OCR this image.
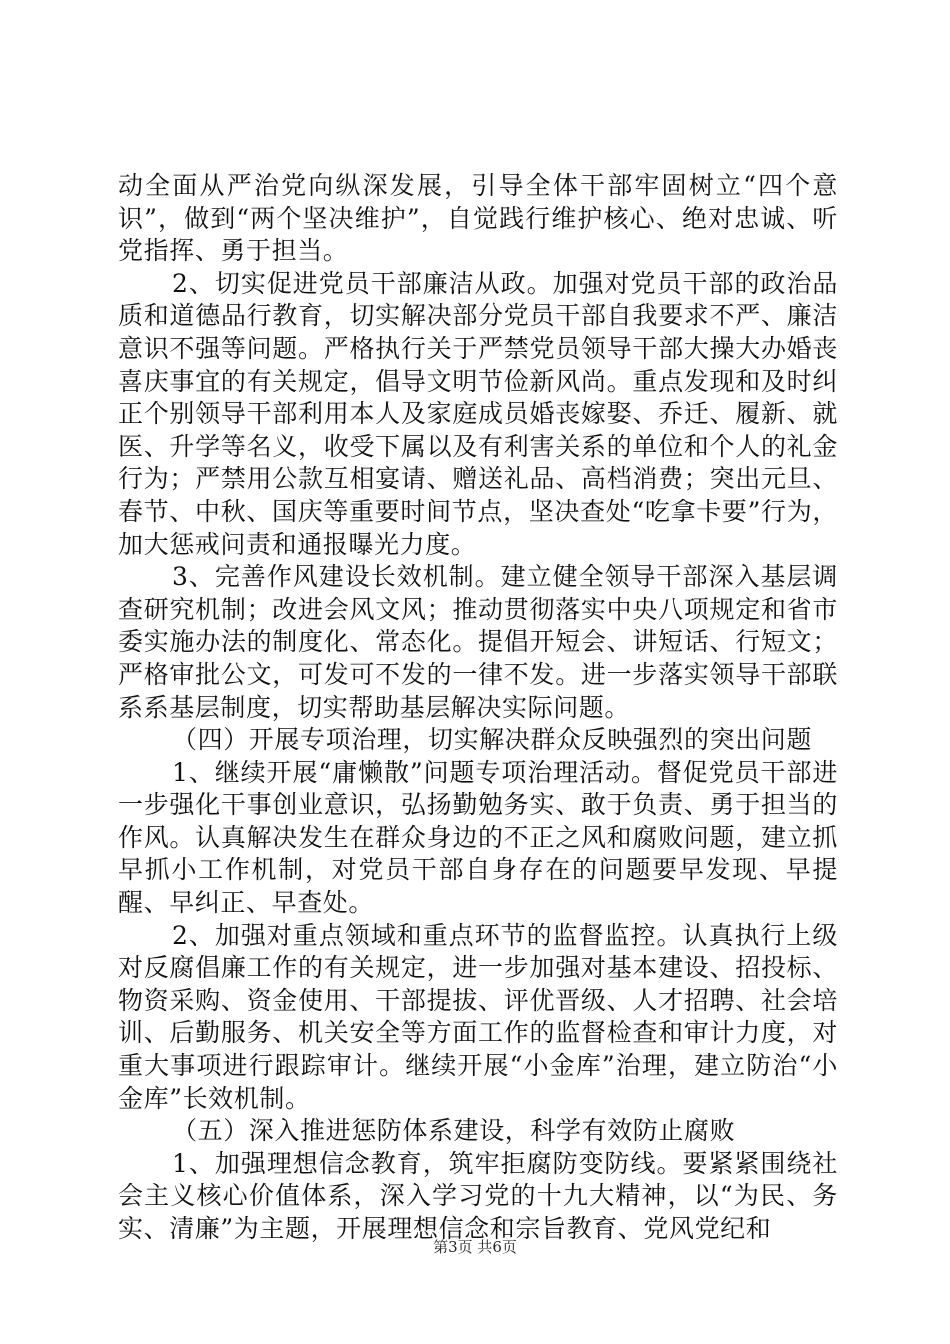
动全面从严治党向纵深发展，引导全体干部牢固树立“四个意识”，做到“两个坚决维护”，自觉践行维护核心、绝对忠诚、听党指挥、勇于担当。

2、切实促进党员干部廉洁从政。加强对党员干部的政治品质和道德品行教育，切实解决部分党员干部自我要求不严、廉洁意识不强等问题。严格执行关于严禁党员领导干部大操大办婚丧喜庆事宜的有关规定，倡导文明节俭新风尚。重点发现和及时纠正个别领导干部利用本人及家庭成员婚丧嫁娶、乔迁、履新、就医、升学等名义，收受下属以及有利害关系的单位和个人的礼金行为；严禁用公款互相宴请、赠送礼品、高档消费；突出元旦、春节、中秋、国庆等重要时间节点，坚决查处“吃拿卡要”行为，加大惩戒问责和通报曝光力度。

3、完善作风建设长效机制。建立健全领导干部深入基层调查研究机制；改进会风文风；推动贯彻落实中央八项规定和省市委实施办法的制度化、常态化。提倡开短会、讲短话、行短文；严格审批公文，可发可不发的一律不发。进一步落实领导干部联系系基层制度，切实帮助基层解决实际问题。

（四）开展专项治理，切实解决群众反映强烈的突出问题

1、继续开展“庸懒散”问题专项治理活动。督促党员干部进一步强化干事创业意识，弘扬勤勉务实、敢于负责、勇于担当的作风。认真解决发生在群众身边的不正之风和腐败问题，建立抓早抓小工作机制，对党员干部自身存在的问题要早发现、早提醒、早纠正、早查处。

2、加强对重点领域和重点环节的监督监控。认真执行上级对反腐倡廉工作的有关规定，进一步加强对基本建设、招投标、物资采购、资金使用、干部提拔、评优晋级、人才招聘、社会培训、后勤服务、机关安全等方面工作的监督检查和审计力度，对重大事项进行跟踪审计。继续开展“小金库”治理，建立防治“小金库”长效机制。

（五）深入推进惩防体系建设，科学有效防止腐败

1、加强理想信念教育，筑牢拒腐防变防线。要紧紧围绕社会主义核心价值体系，深入学习党的十九大精神，以“为民、务实、清廉”为主题，开展理想信念和宗旨教育、党风党纪和

第3页 共6页
